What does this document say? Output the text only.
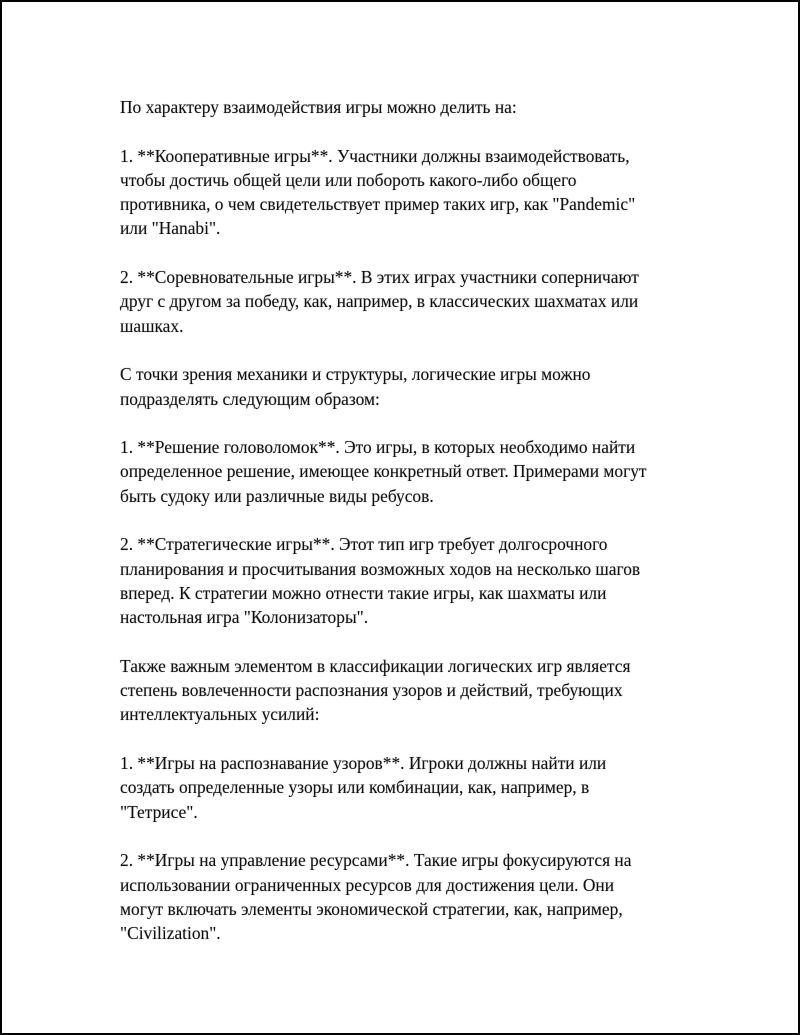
По характеру взаимодействия игры можно делить на:

1. **Кооперативные игры**. Участники должны взаимодействовать,
чтобы достичь общей цели или побороть какого-либо общего
противника, о чем свидетельствует пример таких игр, как "Pandemic"
или "Hanabi".

2. **Соревновательные игры**. В этих играх участники соперничают
друг с другом за победу, как, например, в классических шахматах или
шашках.

С точки зрения механики и структуры, логические игры можно
подразделять следующим образом:

1. **Решение головоломок**. Это игры, в которых необходимо найти
определенное решение, имеющее конкретный ответ. Примерами могут
быть судоку или различные виды ребусов.

2. **Стратегические игры**. Этот тип игр требует долгосрочного
планирования и просчитывания возможных ходов на несколько шагов
вперед. К стратегии можно отнести такие игры, как шахматы или
настольная игра "Колонизаторы".

Также важным элементом в классификации логических игр является
степень вовлеченности распознания узоров и действий, требующих
интеллектуальных усилий:

1. **Игры на распознавание узоров**. Игроки должны найти или
создать определенные узоры или комбинации, как, например, в
"Тетрисе".

2. **Игры на управление ресурсами**. Такие игры фокусируются на
использовании ограниченных ресурсов для достижения цели. Они
могут включать элементы экономической стратегии, как, например,
"Civilization".
